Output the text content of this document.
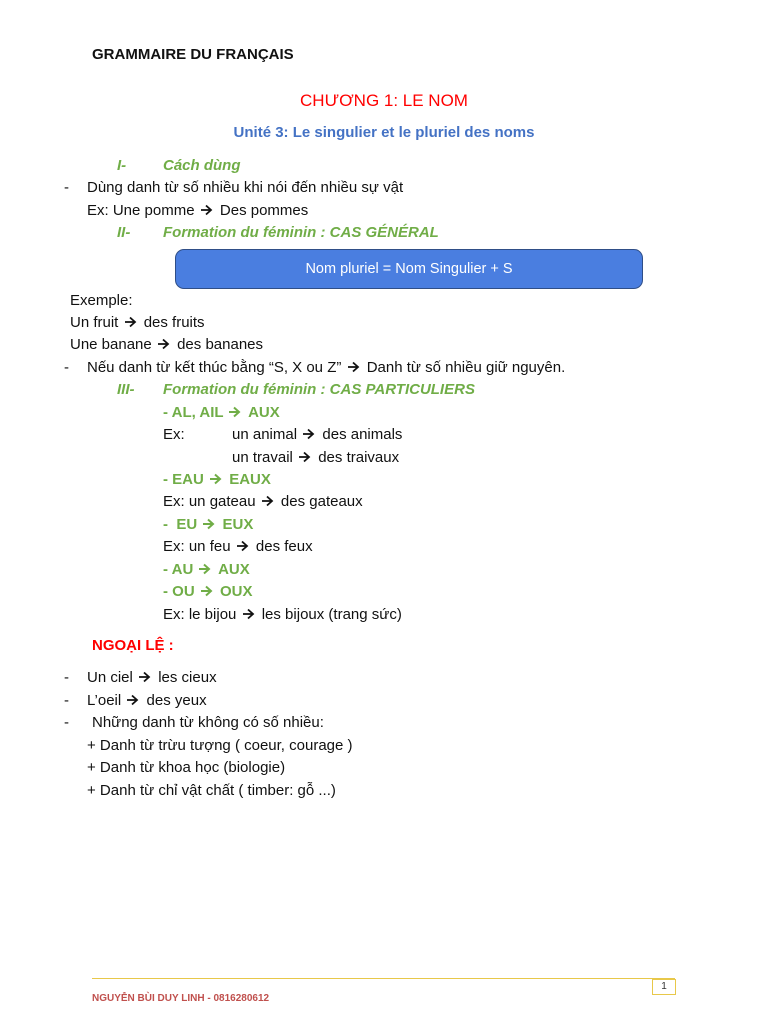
GRAMMAIRE DU FRANÇAIS
CHƯƠNG 1: LE NOM
Unité 3: Le singulier et le pluriel des noms
I- Cách dùng
- Dùng danh từ số nhiều khi nói đến nhiều sự vật
Ex: Une pomme Des pommes
II- Formation du féminin : CAS GÉNÉRAL
Nom pluriel = Nom Singulier + S
Exemple:
Un fruit des fruits
Une banane des bananes
- Nếu danh từ kết thúc bằng “S, X ou Z” Danh từ số nhiều giữ nguyên.
III- Formation du féminin : CAS PARTICULIERS
- AL, AIL AUX
Ex:	un animal des animals
un travail des traivaux
- EAU EAUX
Ex: un gateau des gateaux
-  EU EUX
Ex: un feu des feux
- AU AUX
- OU OUX
Ex: le bijou les bijoux (trang sức)
NGOẠI LỆ :
- Un ciel les cieux
- L’oeil des yeux
- Những danh từ không có số nhiều:
+ Danh từ trừu tượng ( coeur, courage )
+ Danh từ khoa học (biologie)
+ Danh từ chỉ vật chất ( timber: gỗ ...)
1
NGUYỄN BÙI DUY LINH - 0816280612
